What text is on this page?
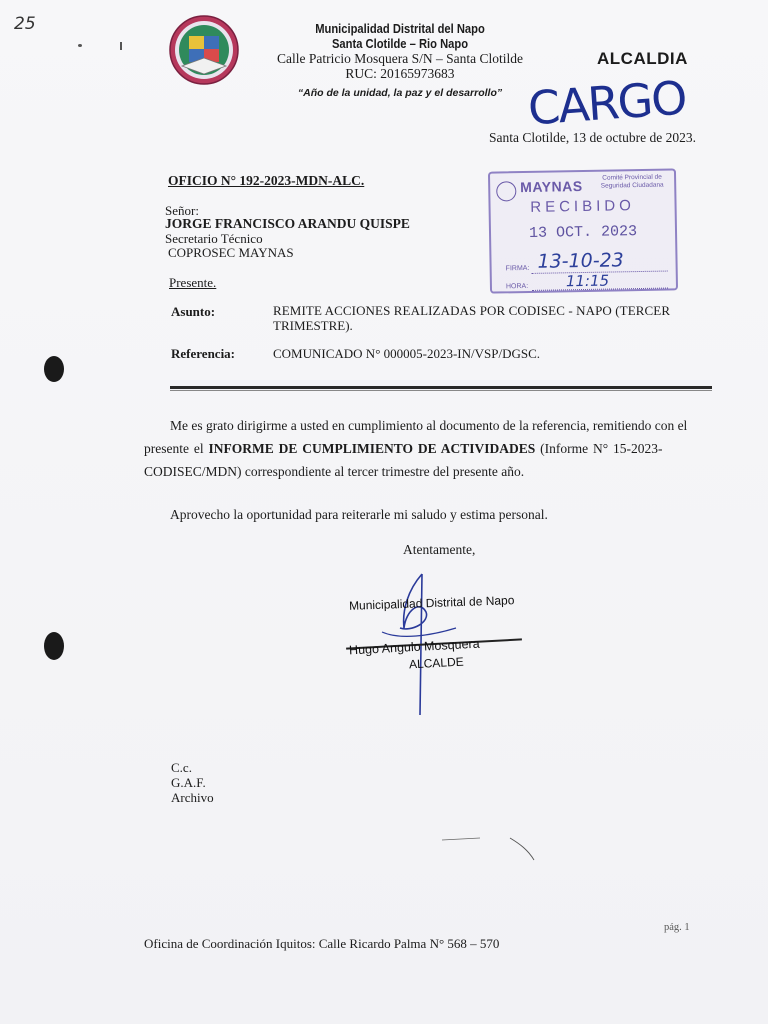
25	Municipalidad Distrital del Napo
Santa Clotilde – Rio Napo
Calle Patricio Mosquera S/N – Santa Clotilde
RUC: 20165973683
“Año de la unidad, la paz y el desarrollo”
ALCALDIA
CARGO
Santa Clotilde, 13 de octubre de 2023.
OFICIO N° 192-2023-MDN-ALC.	MAYNAS
Comité Provincial de Seguridad Ciudadana
RECIBIDO
13 OCT. 2023
FIRMA: 13-10-23
HORA:	11:15
Señor:
JORGE FRANCISCO ARANDU QUISPE
Secretario Técnico
COPROSEC MAYNAS
Presente.
Asunto:	REMITE ACCIONES REALIZADAS POR CODISEC - NAPO (TERCER
TRIMESTRE).
Referencia:	COMUNICADO N° 000005-2023-IN/VSP/DGSC.
Me es grato dirigirme a usted en cumplimiento al documento de la referencia, remitiendo con el
presente el INFORME DE CUMPLIMIENTO DE ACTIVIDADES (Informe N° 15-2023-
CODISEC/MDN) correspondiente al tercer trimestre del presente año.
Aprovecho la oportunidad para reiterarle mi saludo y estima personal.
Atentamente,
Municipalidad Distrital de Napo
Hugo Angulo Mosquera
ALCALDE
C.c.
G.A.F.
Archivo
pág. 1
Oficina de Coordinación Iquitos: Calle Ricardo Palma N° 568 – 570
